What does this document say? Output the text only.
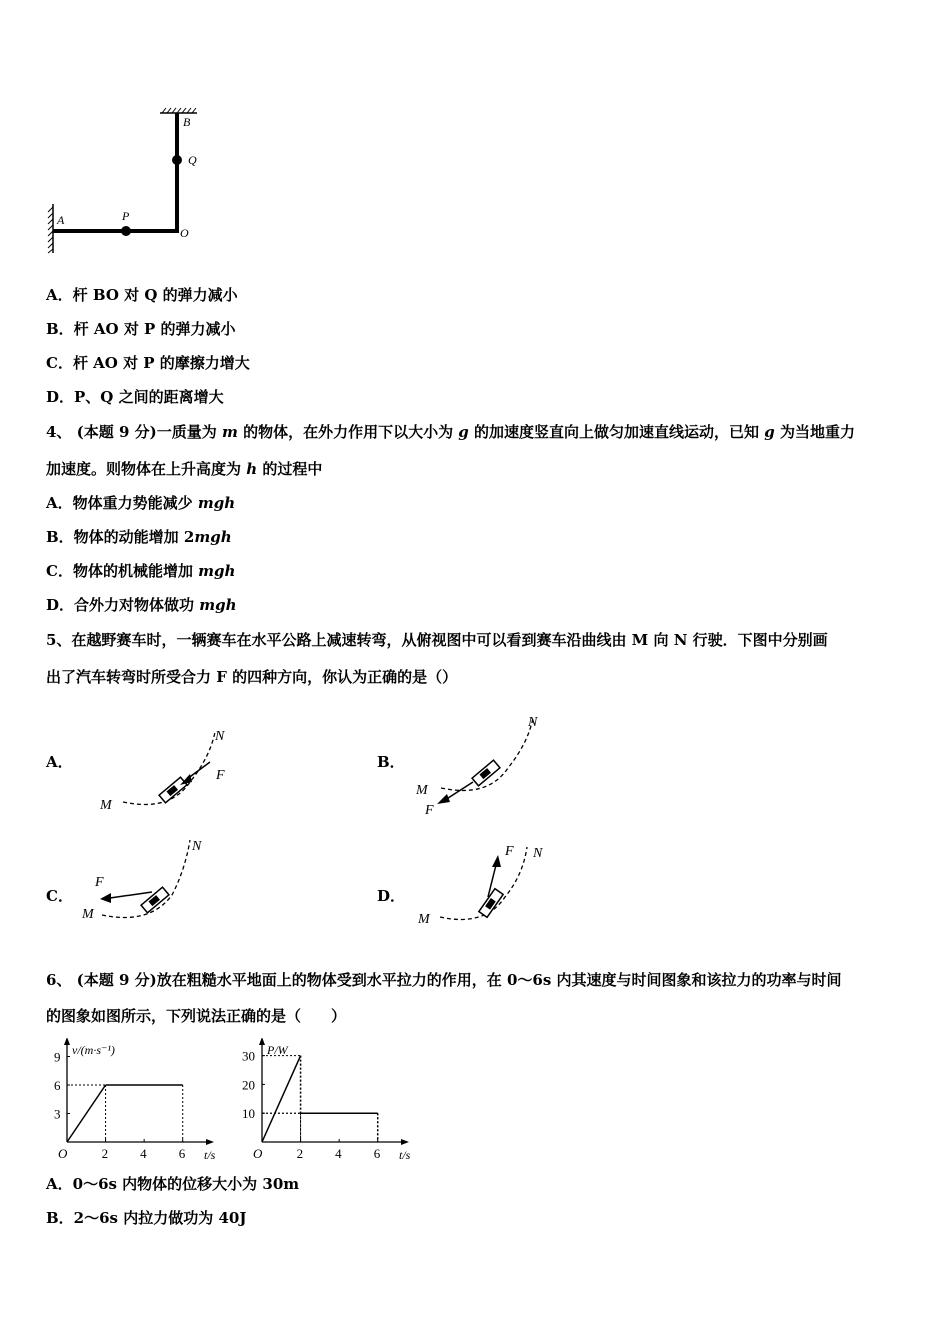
B
Q
A	P
O
A．杆 BO 对 Q 的弹力减小
B．杆 AO 对 P 的弹力减小
C．杆 AO 对 P 的摩擦力增大
D．P、Q 之间的距离增大
4、 (本题 9 分)一质量为 m 的物体，在外力作用下以大小为 g 的加速度竖直向上做匀加速直线运动，已知 g 为当地重力
加速度。则物体在上升高度为 h 的过程中
A．物体重力势能减少 mgh
B．物体的动能增加 2mgh
C．物体的机械能增加 mgh
D．合外力对物体做功 mgh
5、在越野赛车时，一辆赛车在水平公路上减速转弯，从俯视图中可以看到赛车沿曲线由 M 向 N 行驶．下图中分别画
出了汽车转弯时所受合力 F 的四种方向，你认为正确的是（）
A．
M
N
F
B．
M
N
F
C．
M
N
F
D．
M
N
F
6、 (本题 9 分)放在粗糙水平地面上的物体受到水平拉力的作用，在 0～6s 内其速度与时间图象和该拉力的功率与时间
的图象如图所示，下列说法正确的是（　　）
v/(m·s⁻¹)
t/s
O	2 4 6
3
6
9	P/W
t/s
O	2 4 6
10
20
30
A．0～6s 内物体的位移大小为 30m
B．2～6s 内拉力做功为 40J
